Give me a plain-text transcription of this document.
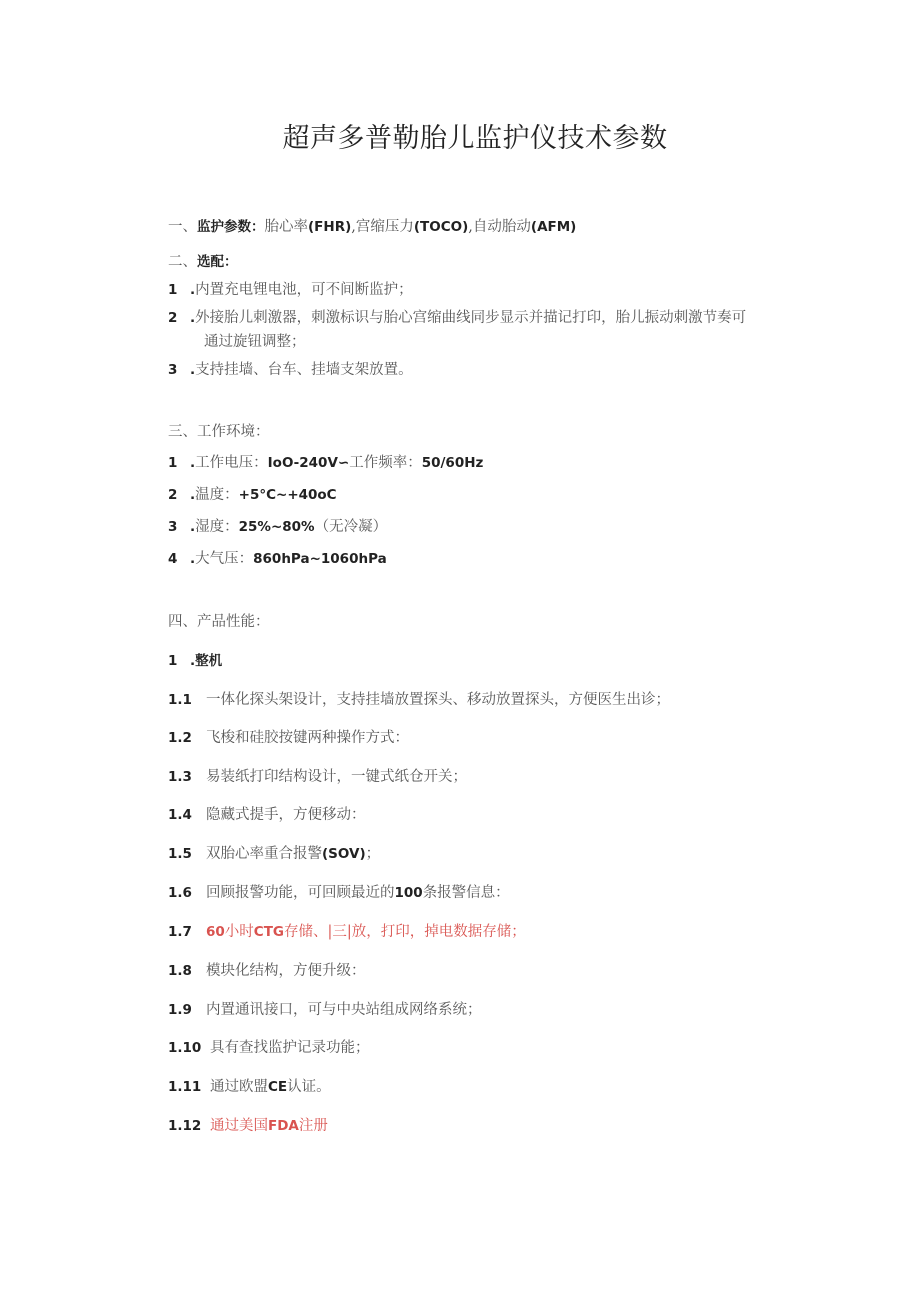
超声多普勒胎儿监护仪技术参数
一、监护参数：胎心率(FHR),宫缩压力(TOCO),自动胎动(AFM)
二、选配：
1 .内置充电锂电池，可不间断监护；
2 .外接胎儿刺激器，刺激标识与胎心宫缩曲线同步显示并描记打印，胎儿振动刺激节奏可
通过旋钮调整；
3 .支持挂墙、台车、挂墙支架放置。
三、工作环境：
1 .工作电压：IoO-240V∽工作频率：50/60Hz
2 .温度：+5°C~+40oC
3 .湿度：25%~80%（无冷凝）
4 .大气压：860hPa~1060hPa
四、产品性能：
1 .整机
1.1 一体化探头架设计，支持挂墙放置探头、移动放置探头，方便医生出诊；
1.2 飞梭和硅胶按键两种操作方式：
1.3 易装纸打印结构设计，一键式纸仓开关；
1.4 隐藏式提手，方便移动：
1.5 双胎心率重合报警(SOV)；
1.6 回顾报警功能，可回顾最近的100条报警信息：
1.7 60小时CTG存储、|三|放，打印，掉电数据存储；
1.8 模块化结构，方便升级：
1.9 内置通讯接口，可与中央站组成网络系统；
1.10 具有查找监护记录功能；
1.11 通过欧盟CE认证。
1.12 通过美国FDA注册
